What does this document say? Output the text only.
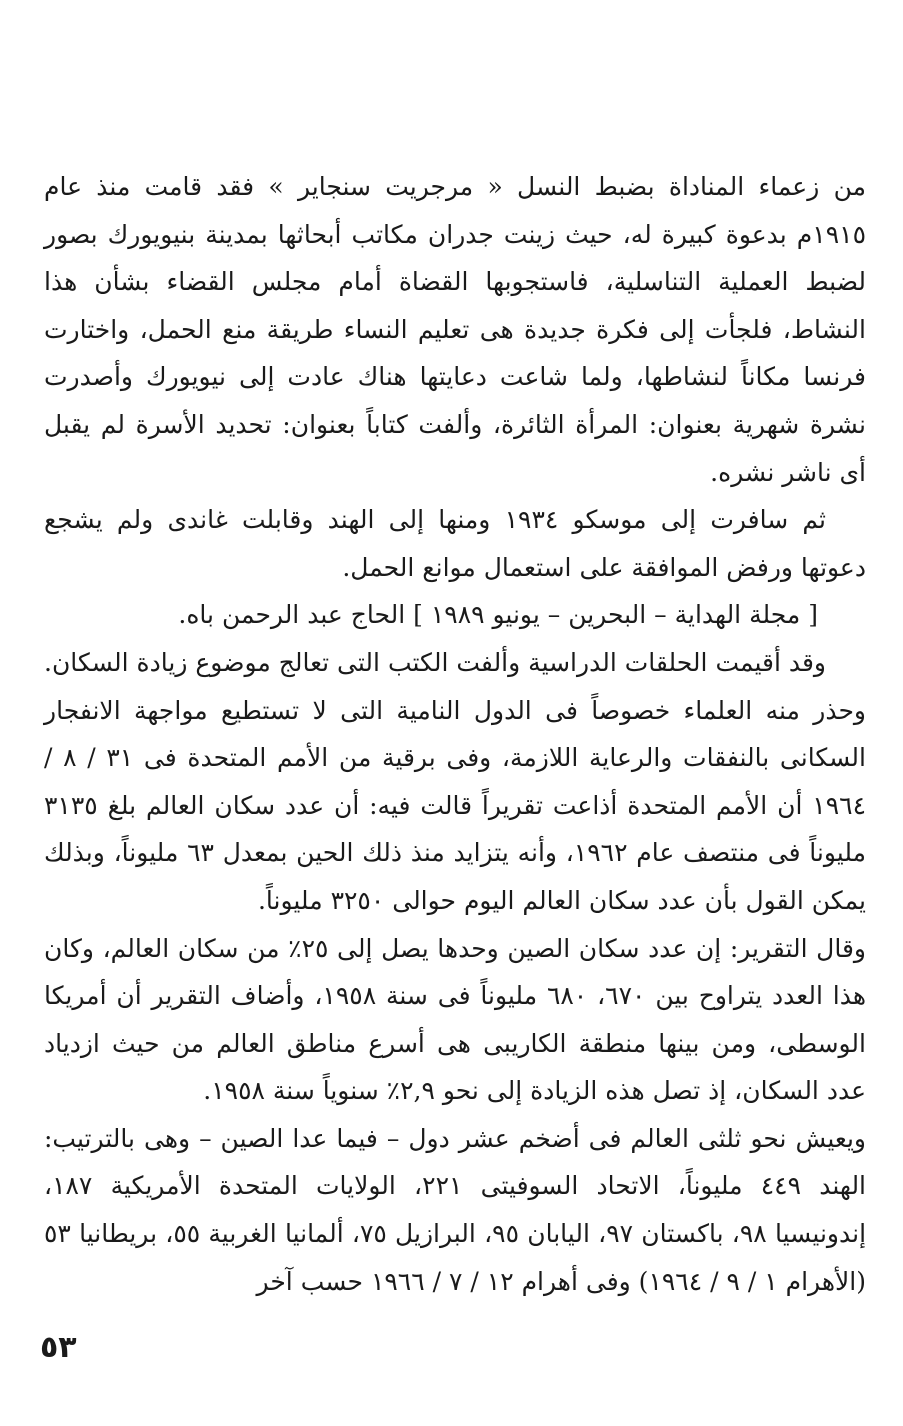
من زعماء المناداة بضبط النسل « مرجريت سنجاير » فقد قامت منذ عام ١٩١٥م بدعوة كبيرة له، حيث زينت جدران مكاتب أبحاثها بمدينة بنيويورك بصور لضبط العملية التناسلية، فاستجوبها القضاة أمام مجلس القضاء بشأن هذا النشاط، فلجأت إلى فكرة جديدة هى تعليم النساء طريقة منع الحمل، واختارت فرنسا مكاناً لنشاطها، ولما شاعت دعايتها هناك عادت إلى نيويورك وأصدرت نشرة شهرية بعنوان: المرأة الثائرة، وألفت كتاباً بعنوان: تحديد الأسرة لم يقبل أى ناشر نشره.

ثم سافرت إلى موسكو ١٩٣٤ ومنها إلى الهند وقابلت غاندى ولم يشجع دعوتها ورفض الموافقة على استعمال موانع الحمل.

[ مجلة الهداية – البحرين – يونيو ١٩٨٩ ] الحاج عبد الرحمن باه.

وقد أقيمت الحلقات الدراسية وألفت الكتب التى تعالج موضوع زيادة السكان. وحذر منه العلماء خصوصاً فى الدول النامية التى لا تستطيع مواجهة الانفجار السكانى بالنفقات والرعاية اللازمة، وفى برقية من الأمم المتحدة فى ٣١ / ٨ / ١٩٦٤ أن الأمم المتحدة أذاعت تقريراً قالت فيه: أن عدد سكان العالم بلغ ٣١٣٥ مليوناً فى منتصف عام ١٩٦٢، وأنه يتزايد منذ ذلك الحين بمعدل ٦٣ مليوناً، وبذلك يمكن القول بأن عدد سكان العالم اليوم حوالى ٣٢٥٠ مليوناً.

وقال التقرير: إن عدد سكان الصين وحدها يصل إلى ٢٥٪ من سكان العالم، وكان هذا العدد يتراوح بين ٦٧٠، ٦٨٠ مليوناً فى سنة ١٩٥٨، وأضاف التقرير أن أمريكا الوسطى، ومن بينها منطقة الكاريبى هى أسرع مناطق العالم من حيث ازدياد عدد السكان، إذ تصل هذه الزيادة إلى نحو ٢,٩٪ سنوياً سنة ١٩٥٨.

ويعيش نحو ثلثى العالم فى أضخم عشر دول – فيما عدا الصين – وهى بالترتيب: الهند ٤٤٩ مليوناً، الاتحاد السوفيتى ٢٢١، الولايات المتحدة الأمريكية ١٨٧، إندونيسيا ٩٨، باكستان ٩٧، اليابان ٩٥، البرازيل ٧٥، ألمانيا الغربية ٥٥، بريطانيا ٥٣ (الأهرام ١ / ٩ / ١٩٦٤) وفى أهرام ١٢ / ٧ / ١٩٦٦ حسب آخر

٥٣
